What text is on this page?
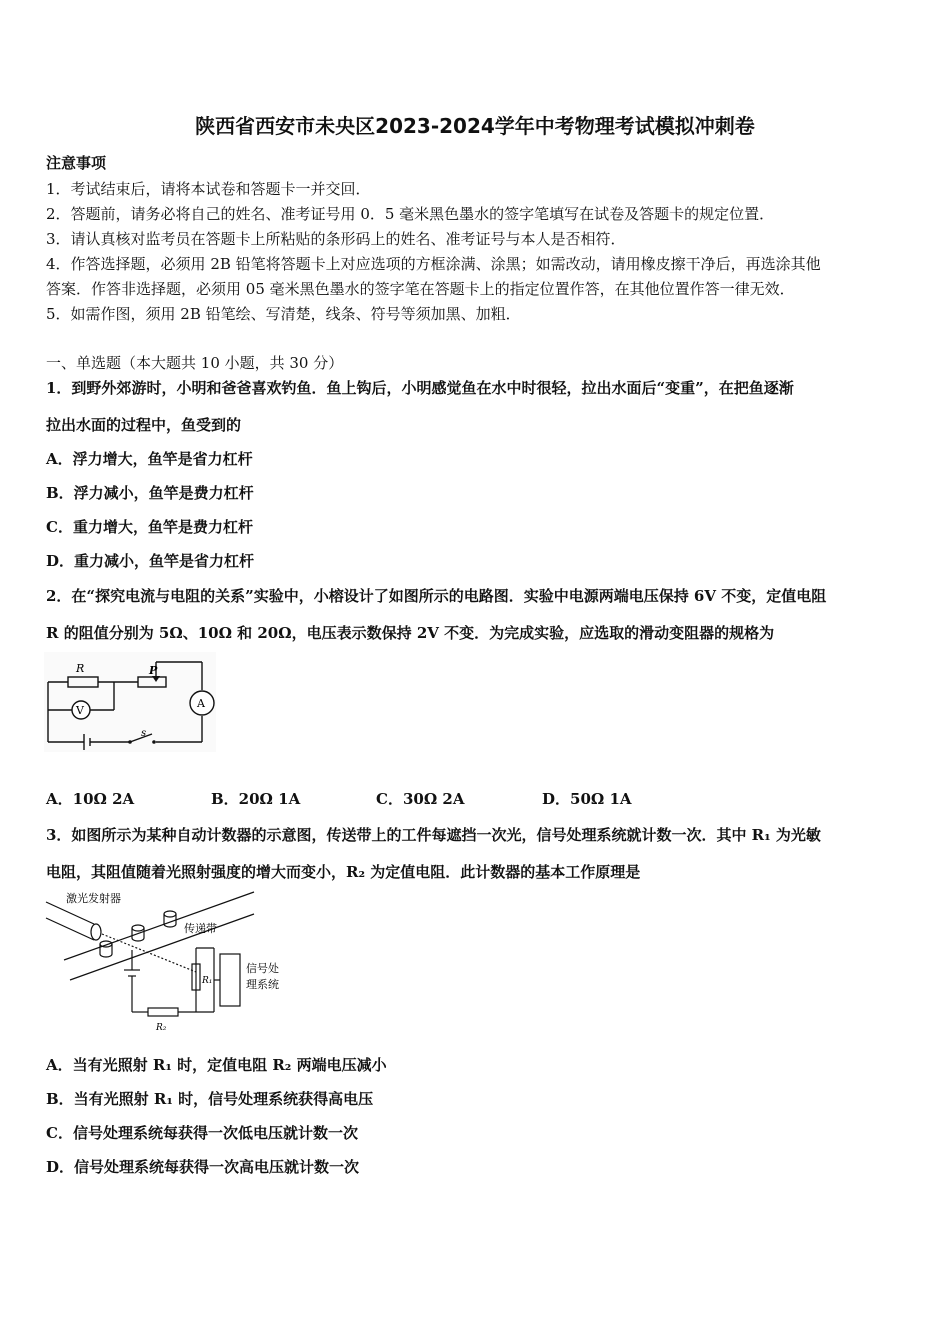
陕西省西安市未央区2023-2024学年中考物理考试模拟冲刺卷
注意事项
1．考试结束后，请将本试卷和答题卡一并交回．
2．答题前，请务必将自己的姓名、准考证号用 0．5 毫米黑色墨水的签字笔填写在试卷及答题卡的规定位置．
3．请认真核对监考员在答题卡上所粘贴的条形码上的姓名、准考证号与本人是否相符．
4．作答选择题，必须用 2B 铅笔将答题卡上对应选项的方框涂满、涂黑；如需改动，请用橡皮擦干净后，再选涂其他
答案．作答非选择题，必须用 05 毫米黑色墨水的签字笔在答题卡上的指定位置作答，在其他位置作答一律无效．
5．如需作图，须用 2B 铅笔绘、写清楚，线条、符号等须加黑、加粗．
一、单选题（本大题共 10 小题，共 30 分）
1．到野外郊游时，小明和爸爸喜欢钓鱼．鱼上钩后，小明感觉鱼在水中时很轻，拉出水面后“变重”，在把鱼逐渐
拉出水面的过程中，鱼受到的
A．浮力增大，鱼竿是省力杠杆
B．浮力减小，鱼竿是费力杠杆
C．重力增大，鱼竿是费力杠杆
D．重力减小，鱼竿是省力杠杆
2．在“探究电流与电阻的关系”实验中，小榕设计了如图所示的电路图．实验中电源两端电压保持 6V 不变，定值电阻
R 的阻值分别为 5Ω、10Ω 和 20Ω，电压表示数保持 2V 不变．为完成实验，应选取的滑动变阻器的规格为
R	P
V
A
s
A．10Ω 2A	B．20Ω 1A	C．30Ω 2A	D．50Ω 1A
3．如图所示为某种自动计数器的示意图，传送带上的工件每遮挡一次光，信号处理系统就计数一次．其中 R₁ 为光敏
电阻，其阻值随着光照射强度的增大而变小，R₂ 为定值电阻．此计数器的基本工作原理是
激光发射器
传递带
信号处
理系统
R₁
R₂
A．当有光照射 R₁ 时，定值电阻 R₂ 两端电压减小
B．当有光照射 R₁ 时，信号处理系统获得高电压
C．信号处理系统每获得一次低电压就计数一次
D．信号处理系统每获得一次高电压就计数一次
